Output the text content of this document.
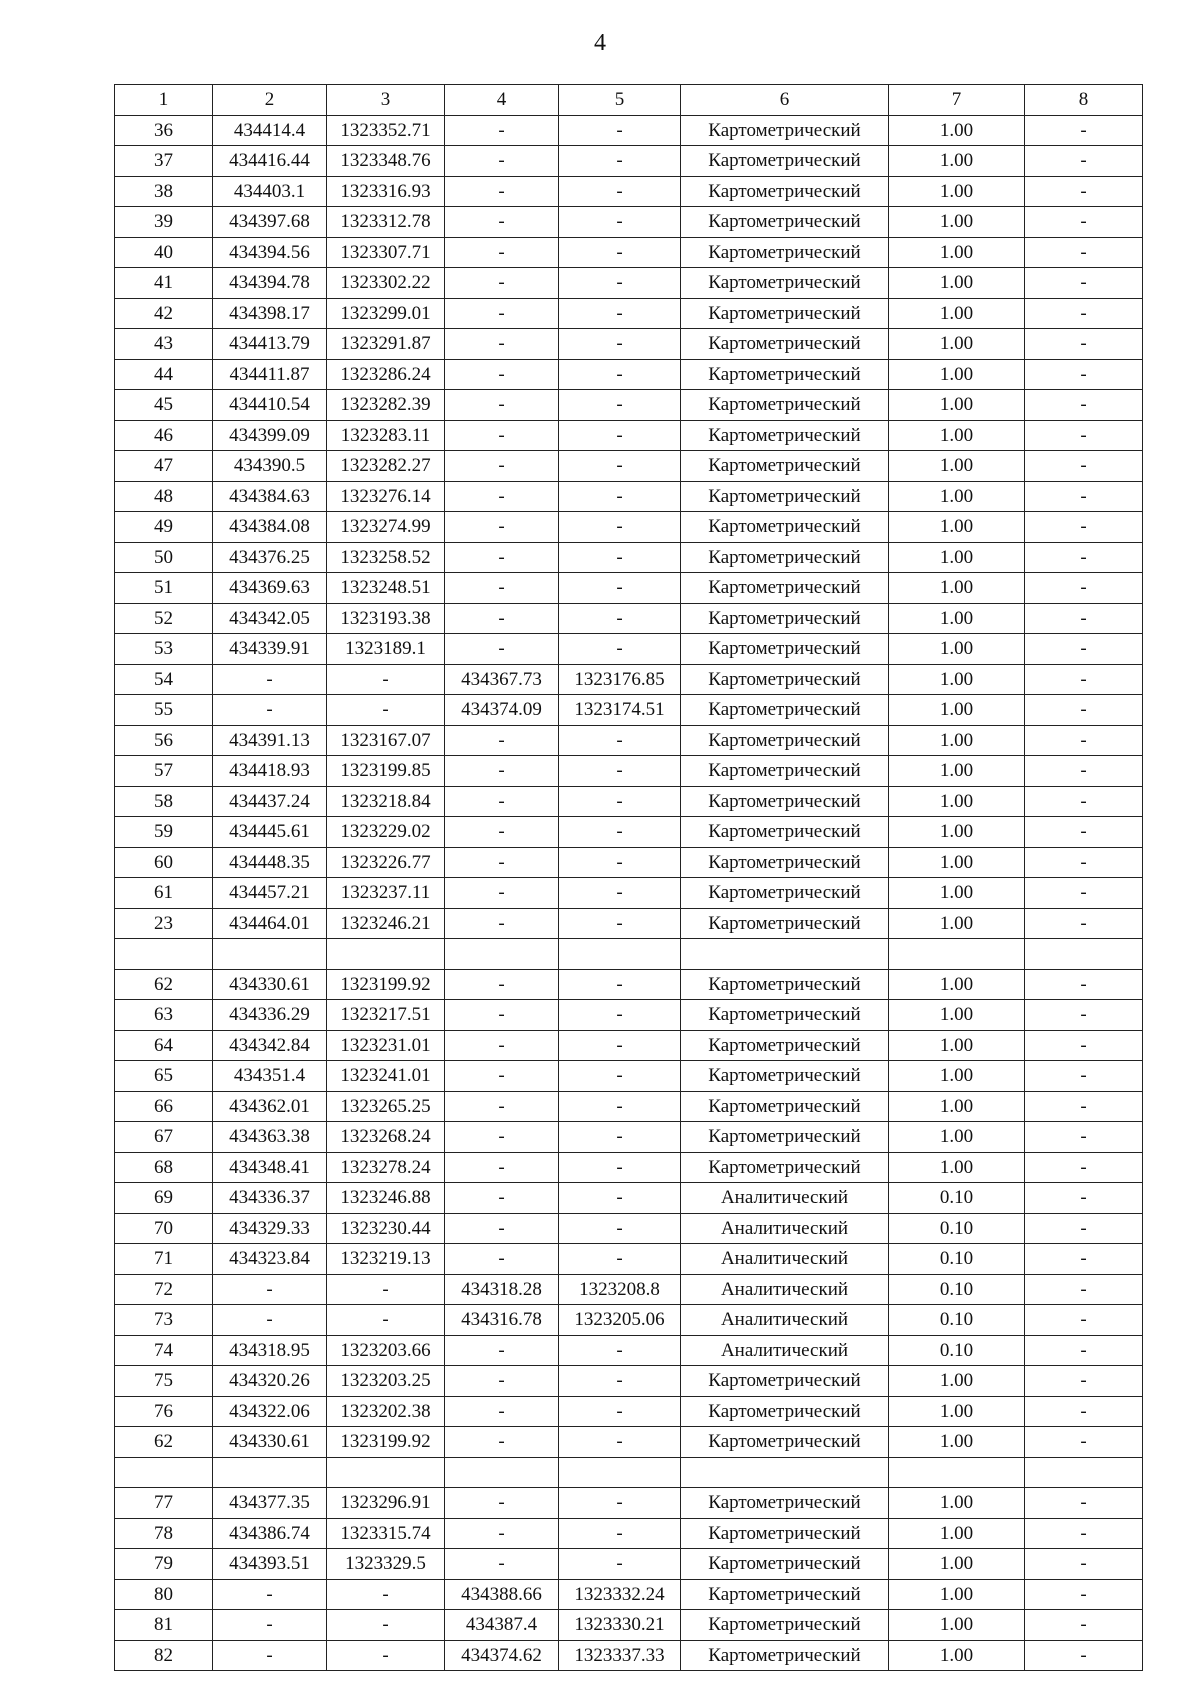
4
1	2	3	4	5	6	7	8
36	434414.4	1323352.71	-	-	Картометрический	1.00	-
37	434416.44	1323348.76	-	-	Картометрический	1.00	-
38	434403.1	1323316.93	-	-	Картометрический	1.00	-
39	434397.68	1323312.78	-	-	Картометрический	1.00	-
40	434394.56	1323307.71	-	-	Картометрический	1.00	-
41	434394.78	1323302.22	-	-	Картометрический	1.00	-
42	434398.17	1323299.01	-	-	Картометрический	1.00	-
43	434413.79	1323291.87	-	-	Картометрический	1.00	-
44	434411.87	1323286.24	-	-	Картометрический	1.00	-
45	434410.54	1323282.39	-	-	Картометрический	1.00	-
46	434399.09	1323283.11	-	-	Картометрический	1.00	-
47	434390.5	1323282.27	-	-	Картометрический	1.00	-
48	434384.63	1323276.14	-	-	Картометрический	1.00	-
49	434384.08	1323274.99	-	-	Картометрический	1.00	-
50	434376.25	1323258.52	-	-	Картометрический	1.00	-
51	434369.63	1323248.51	-	-	Картометрический	1.00	-
52	434342.05	1323193.38	-	-	Картометрический	1.00	-
53	434339.91	1323189.1	-	-	Картометрический	1.00	-
54	-	-	434367.73	1323176.85	Картометрический	1.00	-
55	-	-	434374.09	1323174.51	Картометрический	1.00	-
56	434391.13	1323167.07	-	-	Картометрический	1.00	-
57	434418.93	1323199.85	-	-	Картометрический	1.00	-
58	434437.24	1323218.84	-	-	Картометрический	1.00	-
59	434445.61	1323229.02	-	-	Картометрический	1.00	-
60	434448.35	1323226.77	-	-	Картометрический	1.00	-
61	434457.21	1323237.11	-	-	Картометрический	1.00	-
23	434464.01	1323246.21	-	-	Картометрический	1.00	-

62	434330.61	1323199.92	-	-	Картометрический	1.00	-
63	434336.29	1323217.51	-	-	Картометрический	1.00	-
64	434342.84	1323231.01	-	-	Картометрический	1.00	-
65	434351.4	1323241.01	-	-	Картометрический	1.00	-
66	434362.01	1323265.25	-	-	Картометрический	1.00	-
67	434363.38	1323268.24	-	-	Картометрический	1.00	-
68	434348.41	1323278.24	-	-	Картометрический	1.00	-
69	434336.37	1323246.88	-	-	Аналитический	0.10	-
70	434329.33	1323230.44	-	-	Аналитический	0.10	-
71	434323.84	1323219.13	-	-	Аналитический	0.10	-
72	-	-	434318.28	1323208.8	Аналитический	0.10	-
73	-	-	434316.78	1323205.06	Аналитический	0.10	-
74	434318.95	1323203.66	-	-	Аналитический	0.10	-
75	434320.26	1323203.25	-	-	Картометрический	1.00	-
76	434322.06	1323202.38	-	-	Картометрический	1.00	-
62	434330.61	1323199.92	-	-	Картометрический	1.00	-

77	434377.35	1323296.91	-	-	Картометрический	1.00	-
78	434386.74	1323315.74	-	-	Картометрический	1.00	-
79	434393.51	1323329.5	-	-	Картометрический	1.00	-
80	-	-	434388.66	1323332.24	Картометрический	1.00	-
81	-	-	434387.4	1323330.21	Картометрический	1.00	-
82	-	-	434374.62	1323337.33	Картометрический	1.00	-
